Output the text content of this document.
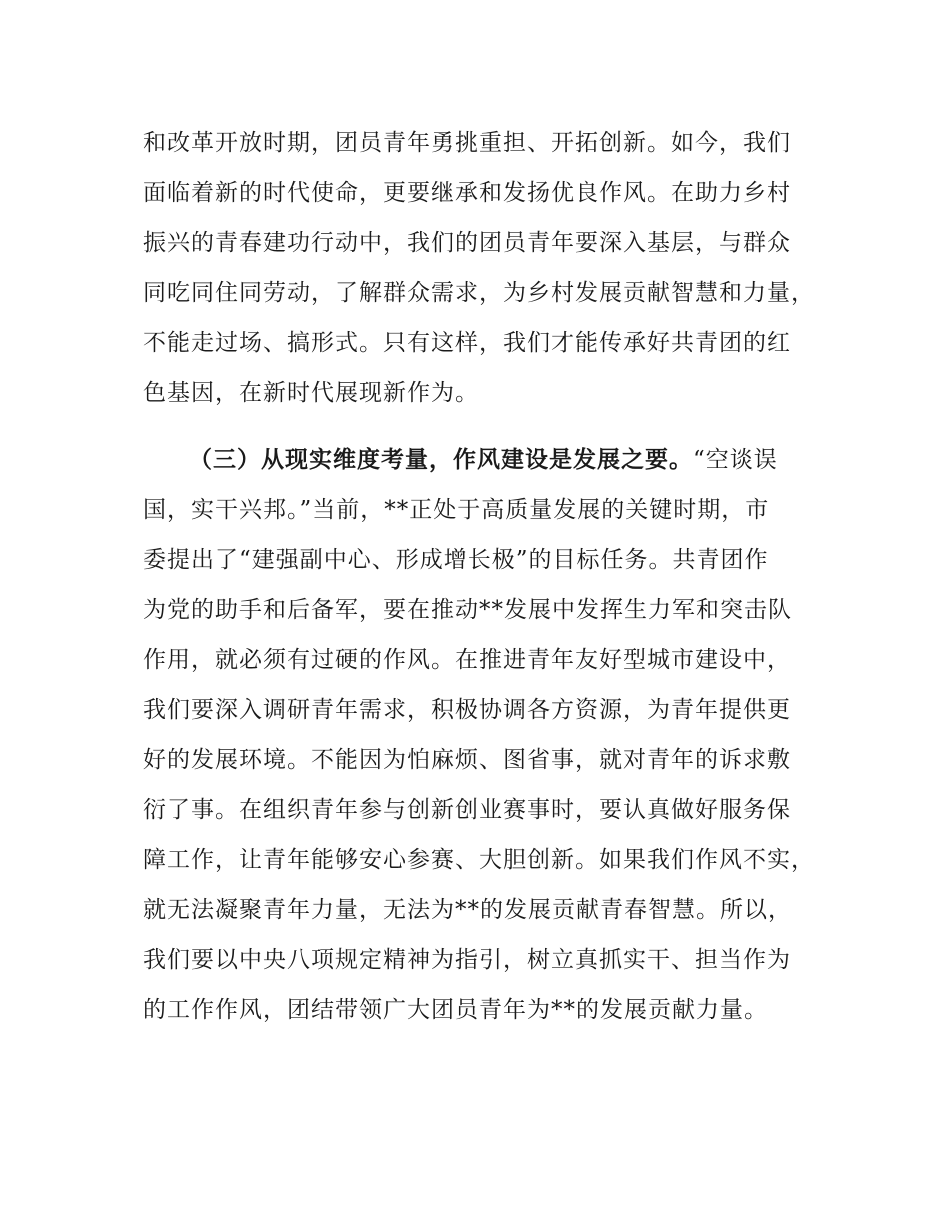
和改革开放时期，团员青年勇挑重担、开拓创新。如今，我们
面临着新的时代使命，更要继承和发扬优良作风。在助力乡村
振兴的青春建功行动中，我们的团员青年要深入基层，与群众
同吃同住同劳动，了解群众需求，为乡村发展贡献智慧和力量，
不能走过场、搞形式。只有这样，我们才能传承好共青团的红
色基因，在新时代展现新作为。
（三）从现实维度考量，作风建设是发展之要。“空谈误
国，实干兴邦。”当前，**正处于高质量发展的关键时期，市
委提出了“建强副中心、形成增长极”的目标任务。共青团作
为党的助手和后备军，要在推动**发展中发挥生力军和突击队
作用，就必须有过硬的作风。在推进青年友好型城市建设中，
我们要深入调研青年需求，积极协调各方资源，为青年提供更
好的发展环境。不能因为怕麻烦、图省事，就对青年的诉求敷
衍了事。在组织青年参与创新创业赛事时，要认真做好服务保
障工作，让青年能够安心参赛、大胆创新。如果我们作风不实，
就无法凝聚青年力量，无法为**的发展贡献青春智慧。所以，
我们要以中央八项规定精神为指引，树立真抓实干、担当作为
的工作作风，团结带领广大团员青年为**的发展贡献力量。
